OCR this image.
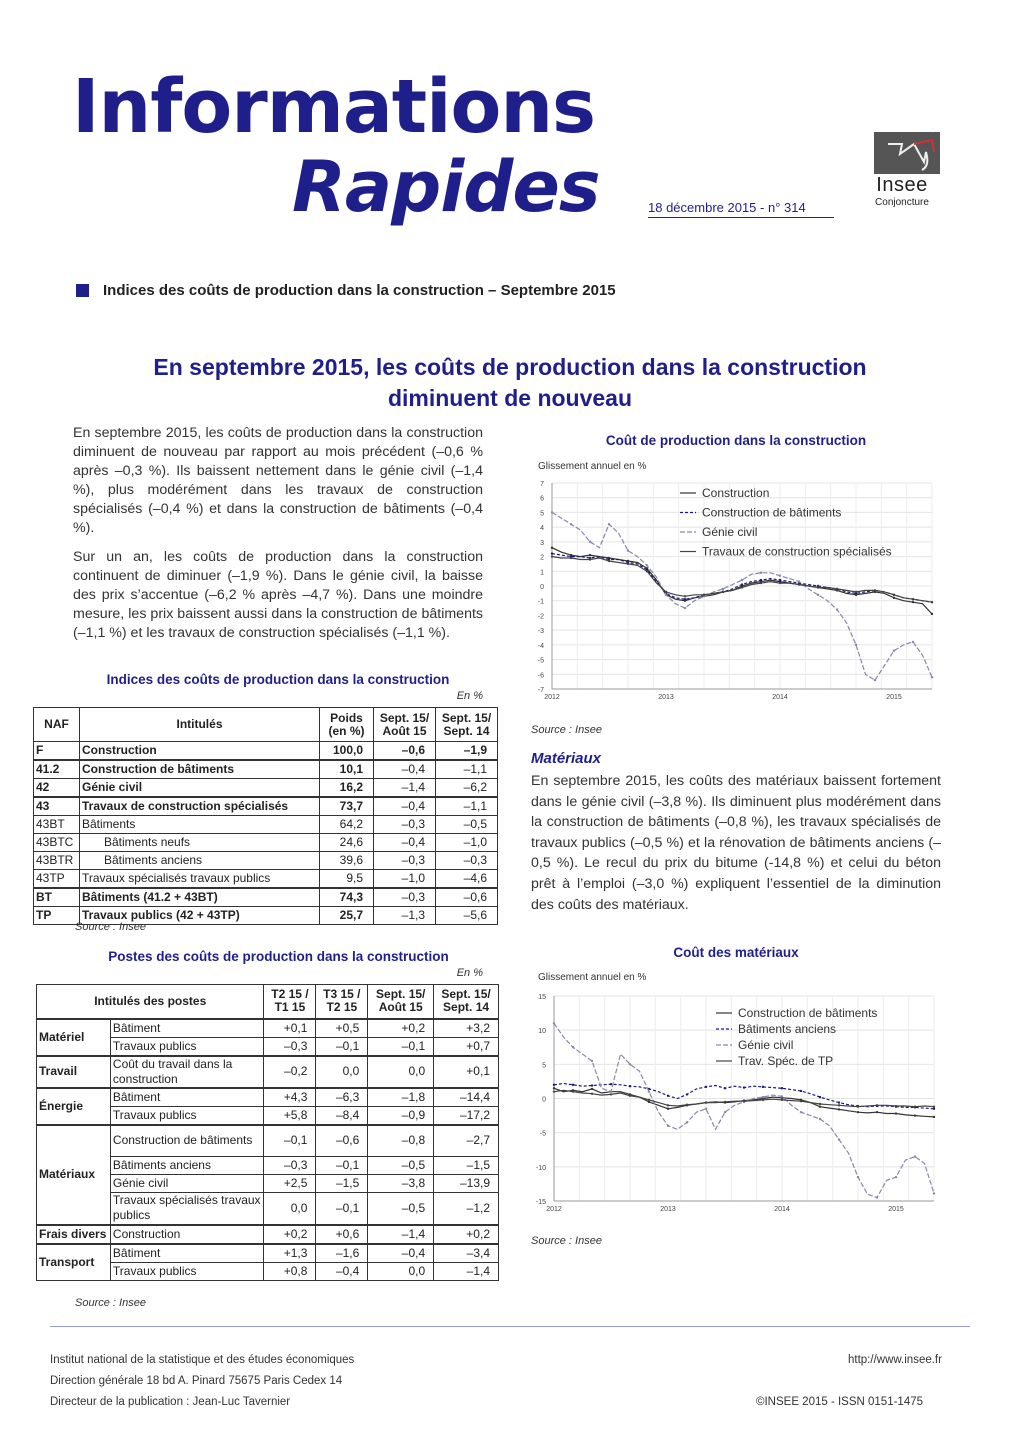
Informations
Rapides	18 décembre 2015 - n° 314
Insee
Conjoncture
Indices des coûts de production dans la construction – Septembre 2015
En septembre 2015, les coûts de production dans la construction diminuent de nouveau
En septembre 2015, les coûts de production dans la construction diminuent de nouveau par rapport au mois précédent (–0,6 % après –0,3 %). Ils baissent nettement dans le génie civil (–1,4 %), plus modérément dans les travaux de construction spécialisés (–0,4 %) et dans la construction de bâtiments (–0,4 %).
Sur un an, les coûts de production dans la construction continuent de diminuer (–1,9 %). Dans le génie civil, la baisse des prix s’accentue (–6,2 % après –4,7 %). Dans une moindre mesure, les prix baissent aussi dans la construction de bâtiments (–1,1 %) et les travaux de construction spécialisés (–1,1 %).
Indices des coûts de production dans la construction
En %
NAF	Intitulés	Poids (en %)	Sept. 15/ Août 15	Sept. 15/ Sept. 14
F	Construction	100,0	–0,6	–1,9
41.2	Construction de bâtiments	10,1	–0,4	–1,1
42	Génie civil	16,2	–1,4	–6,2
43	Travaux de construction spécialisés	73,7	–0,4	–1,1
43BT	Bâtiments	64,2	–0,3	–0,5
43BTC	Bâtiments neufs	24,6	–0,4	–1,0
43BTR	Bâtiments anciens	39,6	–0,3	–0,3
43TP	Travaux spécialisés travaux publics	9,5	–1,0	–4,6
BT	Bâtiments (41.2 + 43BT)	74,3	–0,3	–0,6
TP	Travaux publics (42 + 43TP)	25,7	–1,3	–5,6
Source : Insee
Postes des coûts de production dans la construction
En %
Intitulés des postes		T2 15 / T1 15	T3 15 / T2 15	Sept. 15/ Août 15	Sept. 15/ Sept. 14
Matériel	Bâtiment	+0,1	+0,5	+0,2	+3,2
	Travaux publics	–0,3	–0,1	–0,1	+0,7
Travail	Coût du travail dans la construction	–0,2	0,0	0,0	+0,1
Énergie	Bâtiment	+4,3	–6,3	–1,8	–14,4
	Travaux publics	+5,8	–8,4	–0,9	–17,2
Matériaux	Construction de bâtiments	–0,1	–0,6	–0,8	–2,7
	Bâtiments anciens	–0,3	–0,1	–0,5	–1,5
	Génie civil	+2,5	–1,5	–3,8	–13,9
	Travaux spécialisés travaux publics	0,0	–0,1	–0,5	–1,2
Frais divers	Construction	+0,2	+0,6	–1,4	+0,2
Transport	Bâtiment	+1,3	–1,6	–0,4	–3,4
	Travaux publics	+0,8	–0,4	0,0	–1,4
Source : Insee
Coût de production dans la construction
Glissement annuel en %
7
6
5
4
3
2
1
0
-1
-2
-3
-4
-5
-6
-7
2012	2013	2014	2015
Construction
Construction de bâtiments
Génie civil
Travaux de construction spécialisés
Source : Insee
Matériaux
En septembre 2015, les coûts des matériaux baissent fortement dans le génie civil (–3,8 %). Ils diminuent plus modérément dans la construction de bâtiments (–0,8 %), les travaux spécialisés de travaux publics (–0,5 %) et la rénovation de bâtiments anciens (–0,5 %). Le recul du prix du bitume (-14,8 %) et celui du béton prêt à l’emploi (–3,0 %) expliquent l’essentiel de la diminution des coûts des matériaux.
Coût des matériaux
Glissement annuel en %
15
10
5
0
-5
-10
-15
2012	2013	2014	2015
Construction de bâtiments
Bâtiments anciens
Génie civil
Trav. Spéc. de TP
Source : Insee
Institut national de la statistique et des études économiques
Direction générale 18 bd A. Pinard 75675 Paris Cedex 14
Directeur de la publication : Jean-Luc Tavernier
http://www.insee.fr
©INSEE 2015 - ISSN 0151-1475
